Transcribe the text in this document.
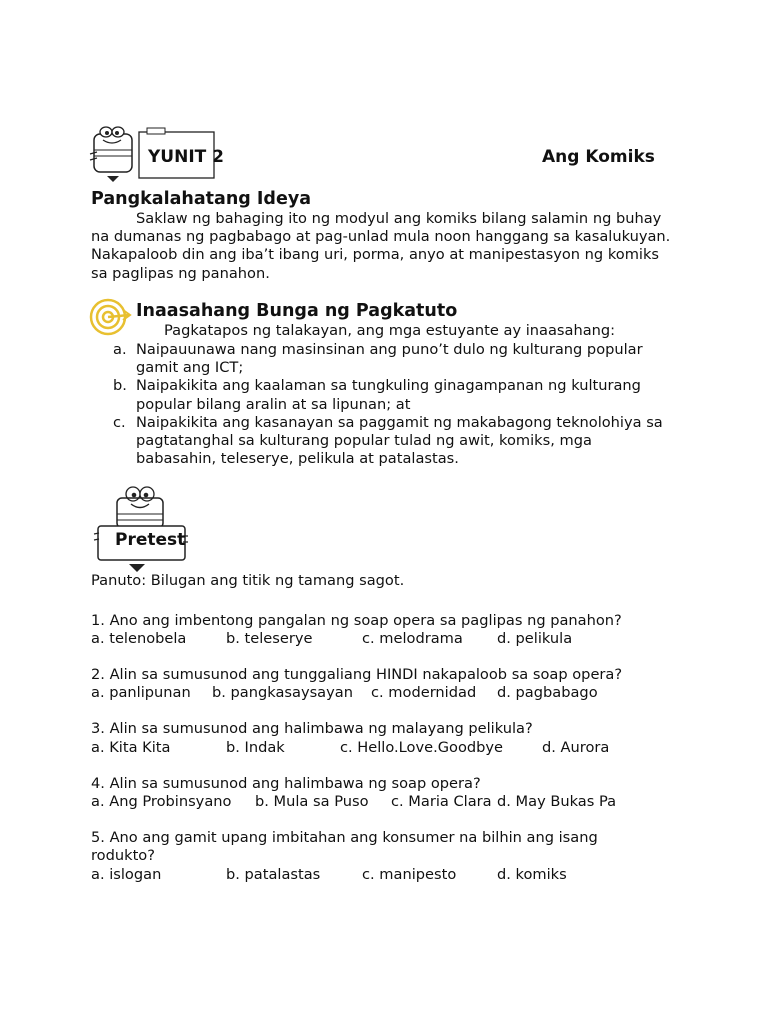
YUNIT 2	Ang Komiks
Pangkalahatang Ideya
Saklaw ng bahaging ito ng modyul ang komiks bilang salamin ng buhay na dumanas ng pagbabago at pag-unlad mula noon hanggang sa kasalukuyan. Nakapaloob din ang iba’t ibang uri, porma, anyo at manipestasyon ng komiks sa paglipas ng panahon.
Inaasahang Bunga ng Pagkatuto
Pagkatapos ng talakayan, ang mga estuyante ay inaasahang:
a. Naipauunawa nang masinsinan ang puno’t dulo ng kulturang popular gamit ang ICT;
b. Naipakikita ang kaalaman sa tungkuling ginagampanan ng kulturang popular bilang aralin at sa lipunan; at
c. Naipakikita ang kasanayan sa paggamit ng makabagong teknolohiya sa pagtatanghal sa kulturang popular tulad ng awit, komiks, mga babasahin, teleserye, pelikula at patalastas.
Pretest
Panuto: Bilugan ang titik ng tamang sagot.
1. Ano ang imbentong pangalan ng soap opera sa paglipas ng panahon?
a. telenobela	b. teleserye	c. melodrama d. pelikula
2. Alin sa sumusunod ang tunggaliang HINDI nakapaloob sa soap opera?
a. panlipunan b. pangkasaysayan c. modernidad d. pagbabago
3. Alin sa sumusunod ang halimbawa ng malayang pelikula?
a. Kita Kita	b. Indak	c. Hello.Love.Goodbye	d. Aurora
4. Alin sa sumusunod ang halimbawa ng soap opera?
a. Ang Probinsyano b. Mula sa Puso c. Maria Clara d. May Bukas Pa
5. Ano ang gamit upang imbitahan ang konsumer na bilhin ang isang
rodukto?
a. islogan	b. patalastas	c. manipesto	d. komiks
